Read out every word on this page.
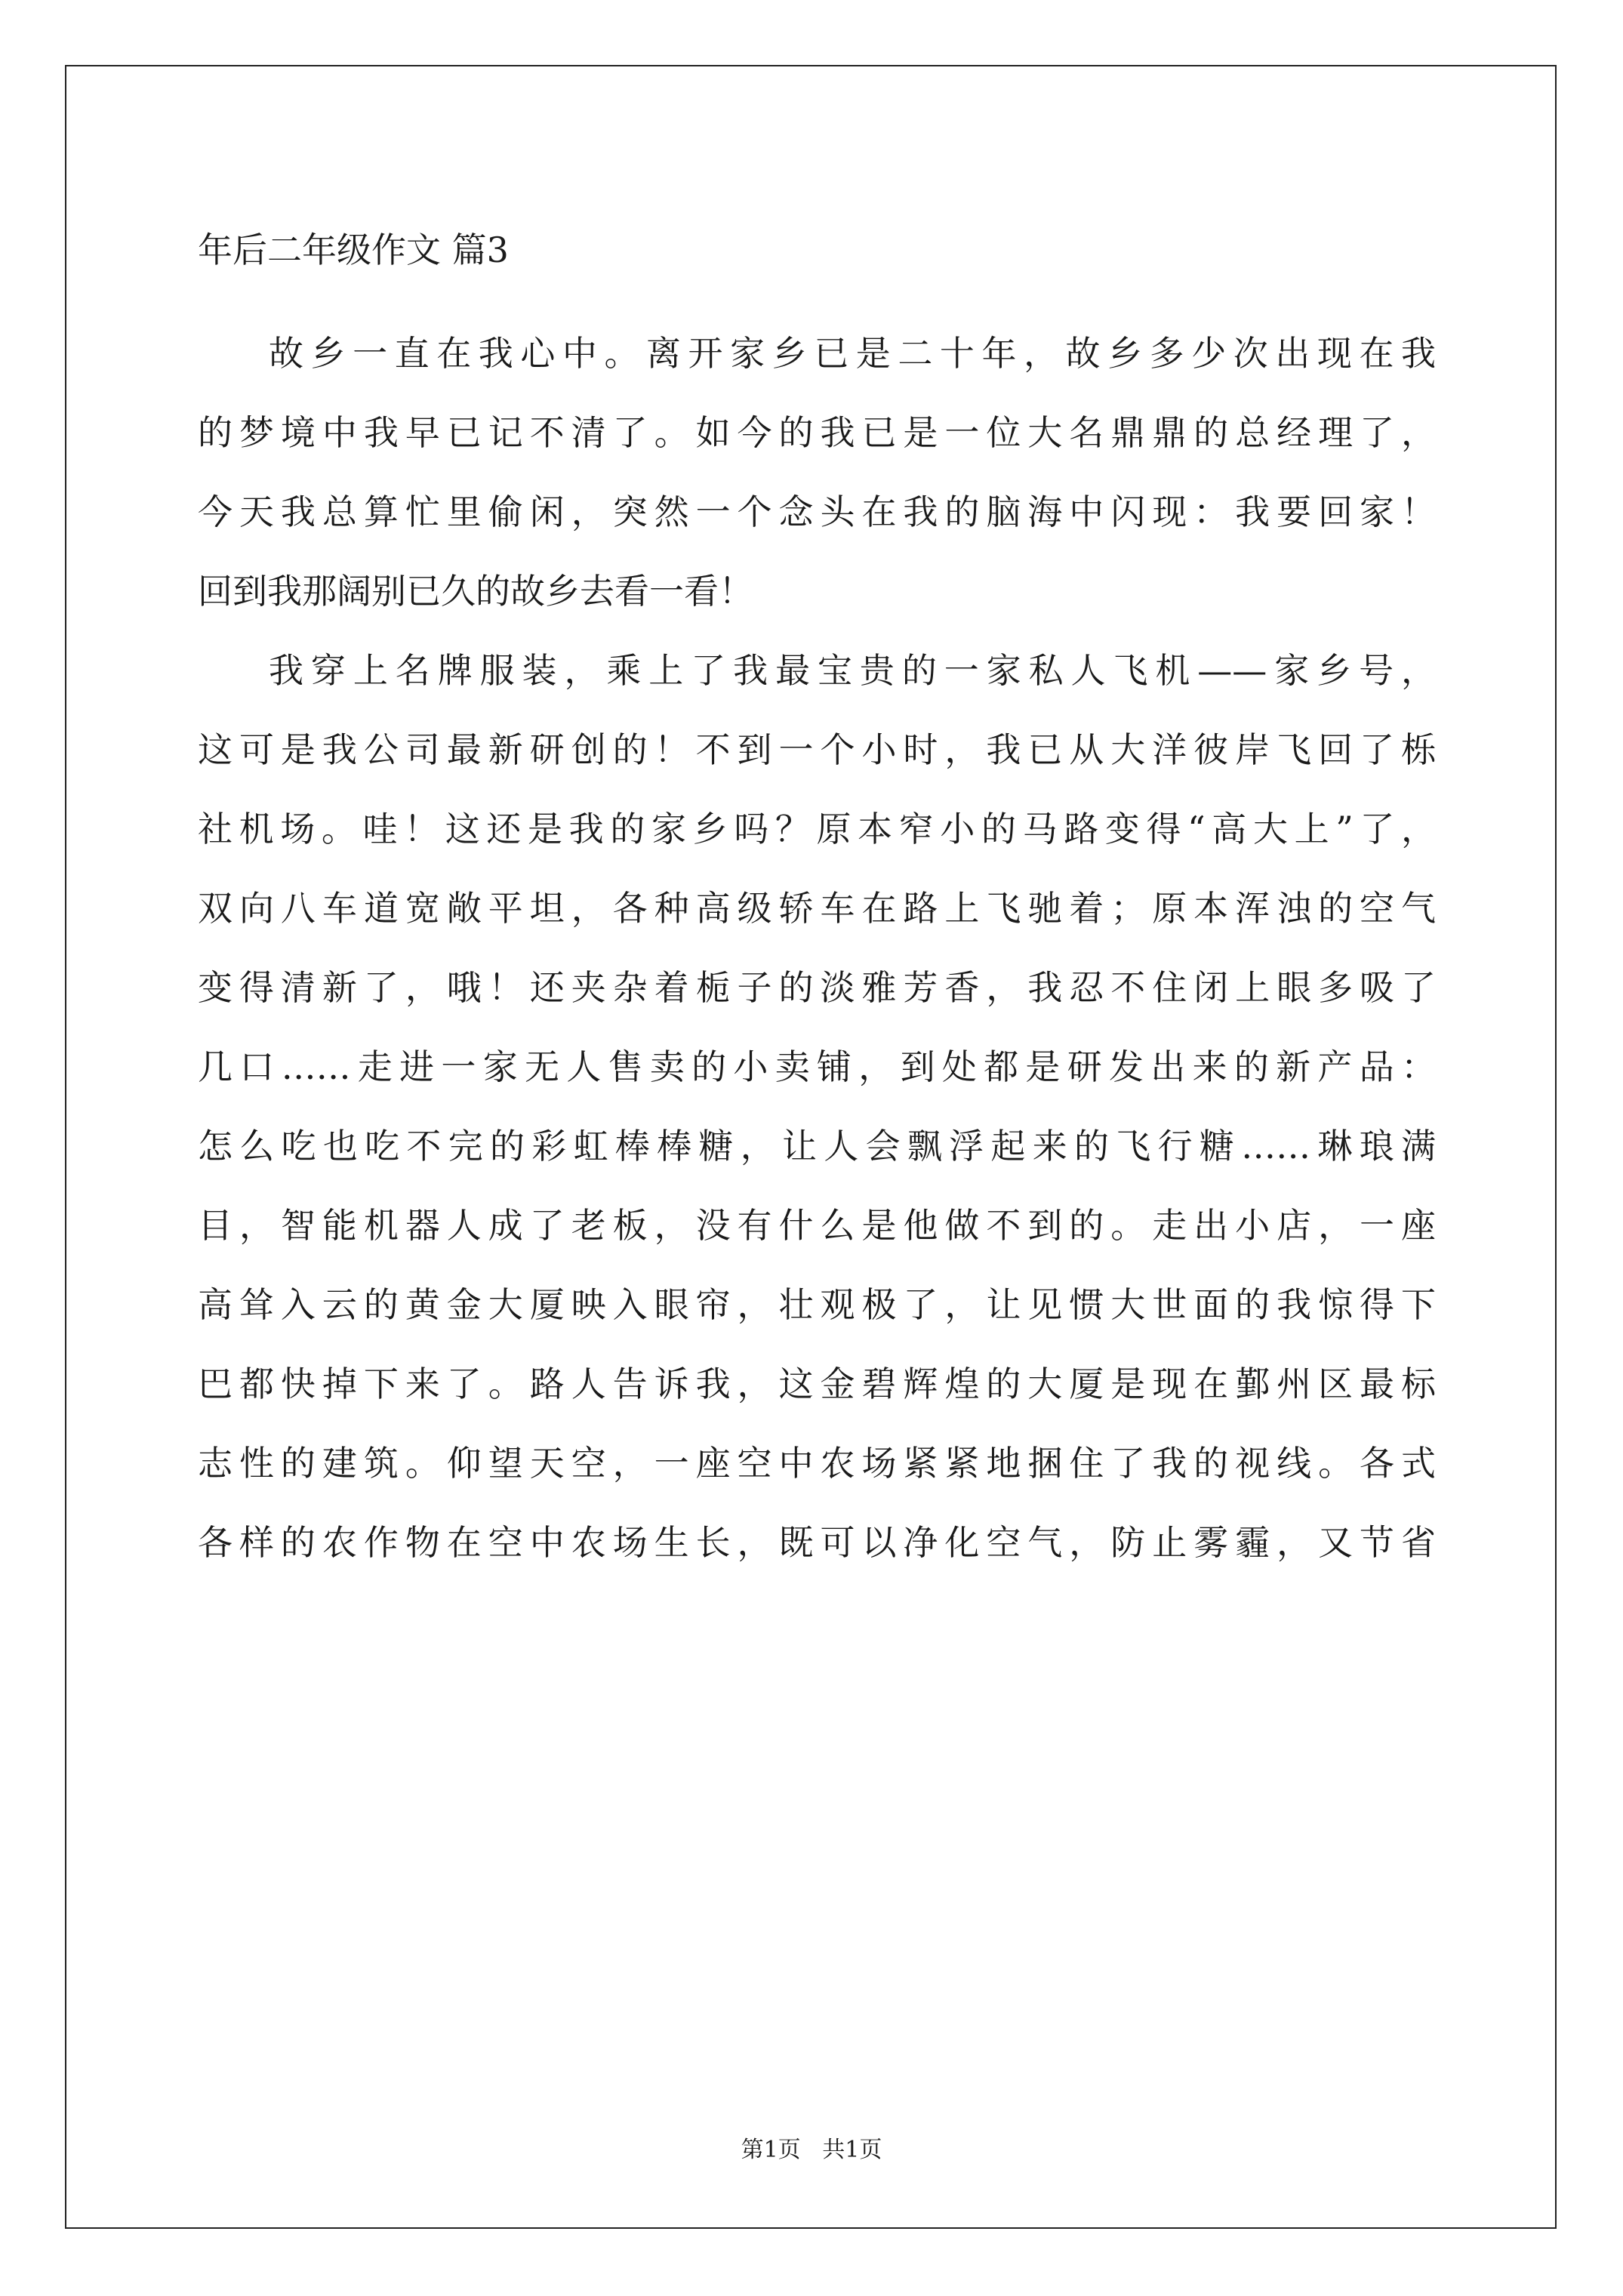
年后二年级作文 篇3

故乡一直在我心中。离开家乡已是二十年，故乡多少次出现在我
的梦境中我早已记不清了。如今的我已是一位大名鼎鼎的总经理了，
今天我总算忙里偷闲，突然一个念头在我的脑海中闪现：我要回家！
回到我那阔别已久的故乡去看一看！

我穿上名牌服装，乘上了我最宝贵的一家私人飞机——家乡号，
这可是我公司最新研创的！不到一个小时，我已从大洋彼岸飞回了栎
社机场。哇！这还是我的家乡吗？原本窄小的马路变得“高大上”了，
双向八车道宽敞平坦，各种高级轿车在路上飞驰着；原本浑浊的空气
变得清新了，哦！还夹杂着栀子的淡雅芳香，我忍不住闭上眼多吸了
几口……走进一家无人售卖的小卖铺，到处都是研发出来的新产品：
怎么吃也吃不完的彩虹棒棒糖，让人会飘浮起来的飞行糖……琳琅满
目，智能机器人成了老板，没有什么是他做不到的。走出小店，一座
高耸入云的黄金大厦映入眼帘，壮观极了，让见惯大世面的我惊得下
巴都快掉下来了。路人告诉我，这金碧辉煌的大厦是现在鄞州区最标
志性的建筑。仰望天空，一座空中农场紧紧地捆住了我的视线。各式
各样的农作物在空中农场生长，既可以净化空气，防止雾霾，又节省

第1页   共1页
